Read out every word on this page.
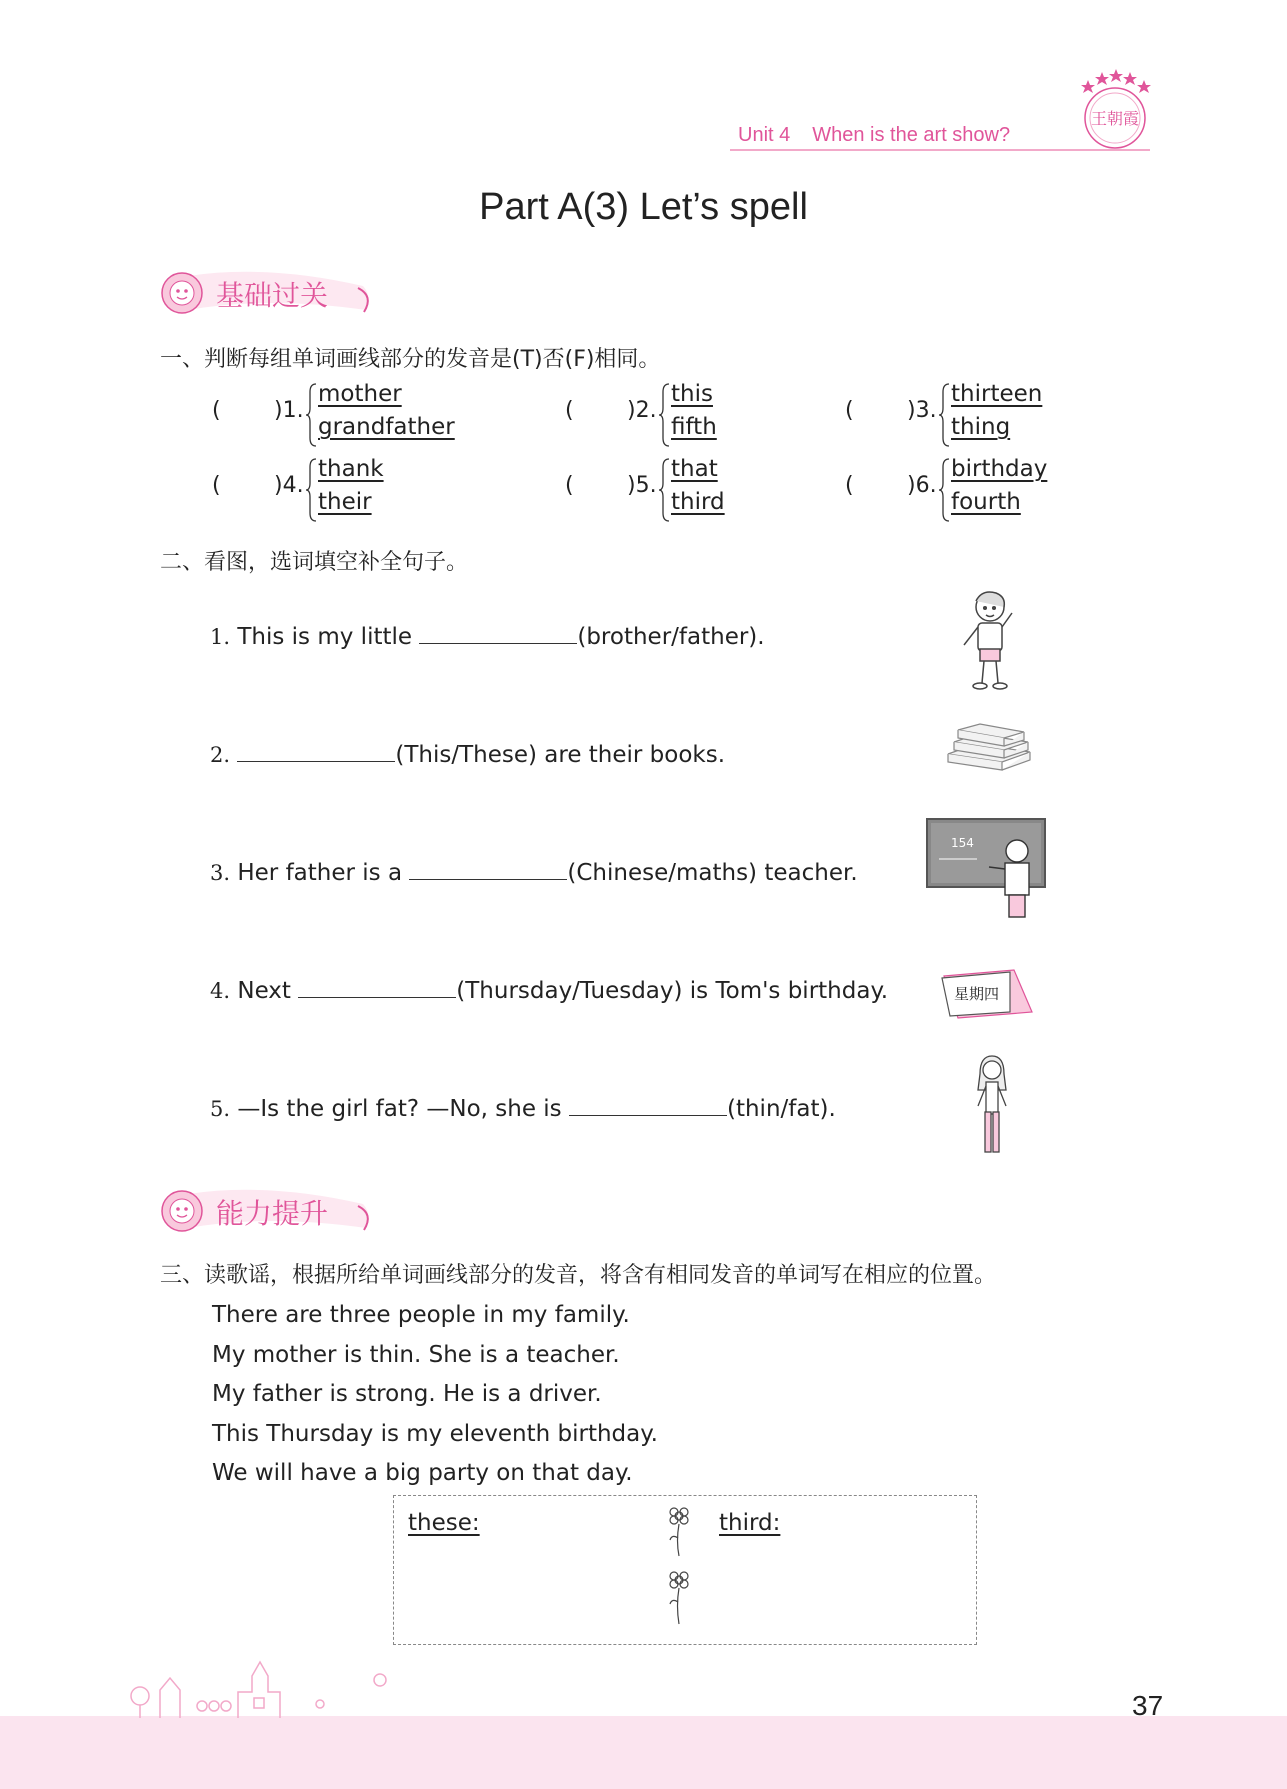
Unit 4 When is the art show?
王朝霞
Part A(3) Let’s spell
基础过关
一、判断每组单词画线部分的发音是(T)否(F)相同。
(	)1.
mother
grandfather
(	)2.
this
fifth
(	)3.
thirteen
thing
(	)4.
thank
their
(	)5.
that
third
(	)6.
birthday
fourth
二、看图，选词填空补全句子。
1. This is my little	(brother/father).
2.	(This/These) are their books.
3. Her father is a	(Chinese/maths) teacher.
4. Next	(Thursday/Tuesday) is Tom's birthday.
5. —Is the girl fat? —No, she is	(thin/fat).
154
星期四
能力提升
三、读歌谣，根据所给单词画线部分的发音，将含有相同发音的单词写在相应的位置。
There are three people in my family.
My mother is thin. She is a teacher.
My father is strong. He is a driver.
This Thursday is my eleventh birthday.
We will have a big party on that day.
these:	third:
37
